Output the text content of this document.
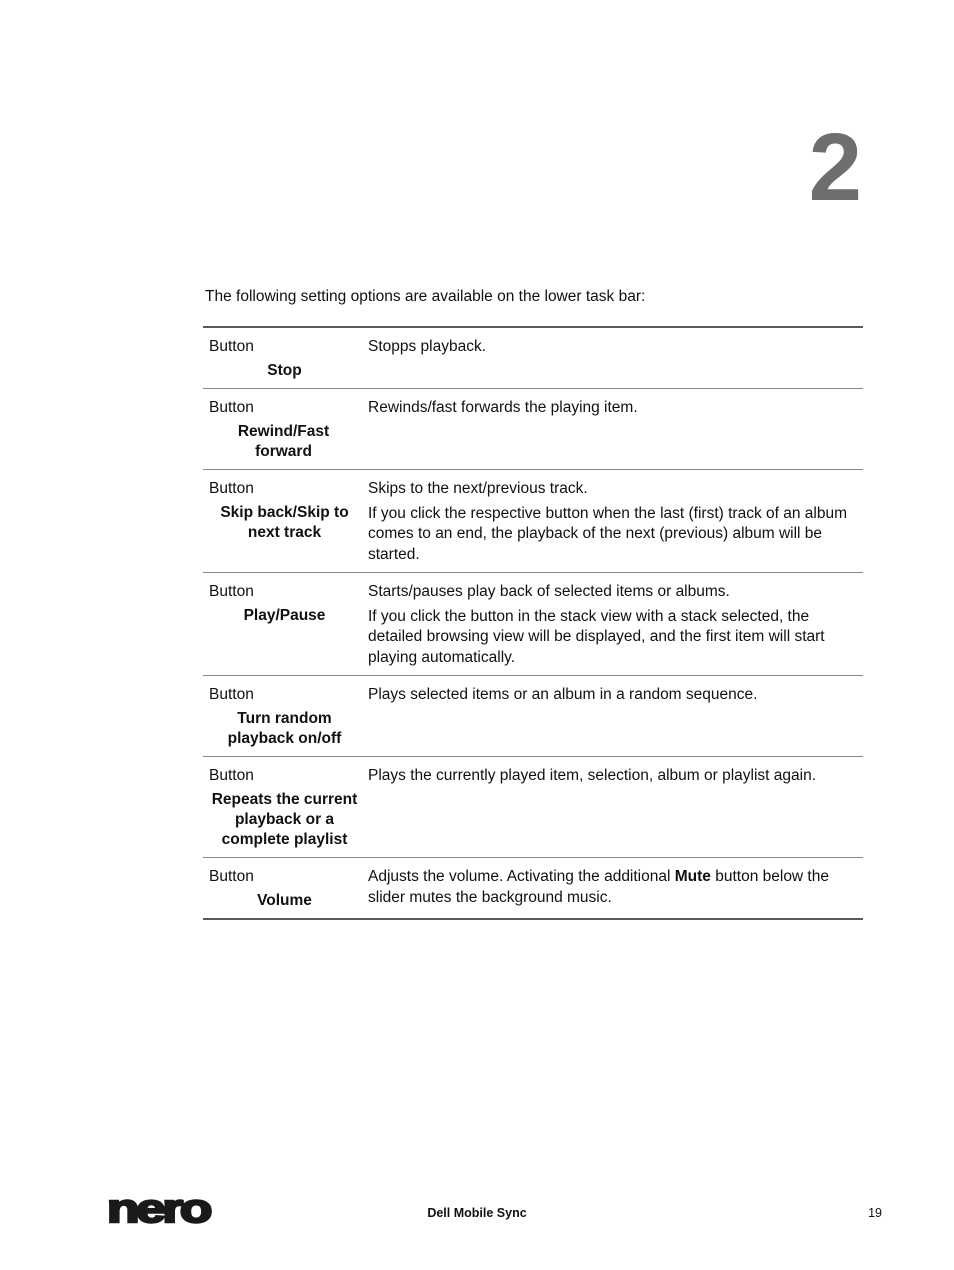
2
The following setting options are available on the lower task bar:
Button
Stop

Stopps playback.

Button
Rewind/Fast forward

Rewinds/fast forwards the playing item.

Button
Skip back/Skip to next track

Skips to the next/previous track.

If you click the respective button when the last (first) track of an album comes to an end, the playback of the next (previous) album will be started.

Button
Play/Pause

Starts/pauses play back of selected items or albums.

If you click the button in the stack view with a stack selected, the detailed browsing view will be displayed, and the first item will start playing automatically.

Button
Turn random playback on/off

Plays selected items or an album in a random sequence.

Button
Repeats the current playback or a complete playlist

Plays the currently played item, selection, album or playlist again.

Button
Volume

Adjusts the volume. Activating the additional Mute button below the slider mutes the background music.

nero	Dell Mobile Sync	19
